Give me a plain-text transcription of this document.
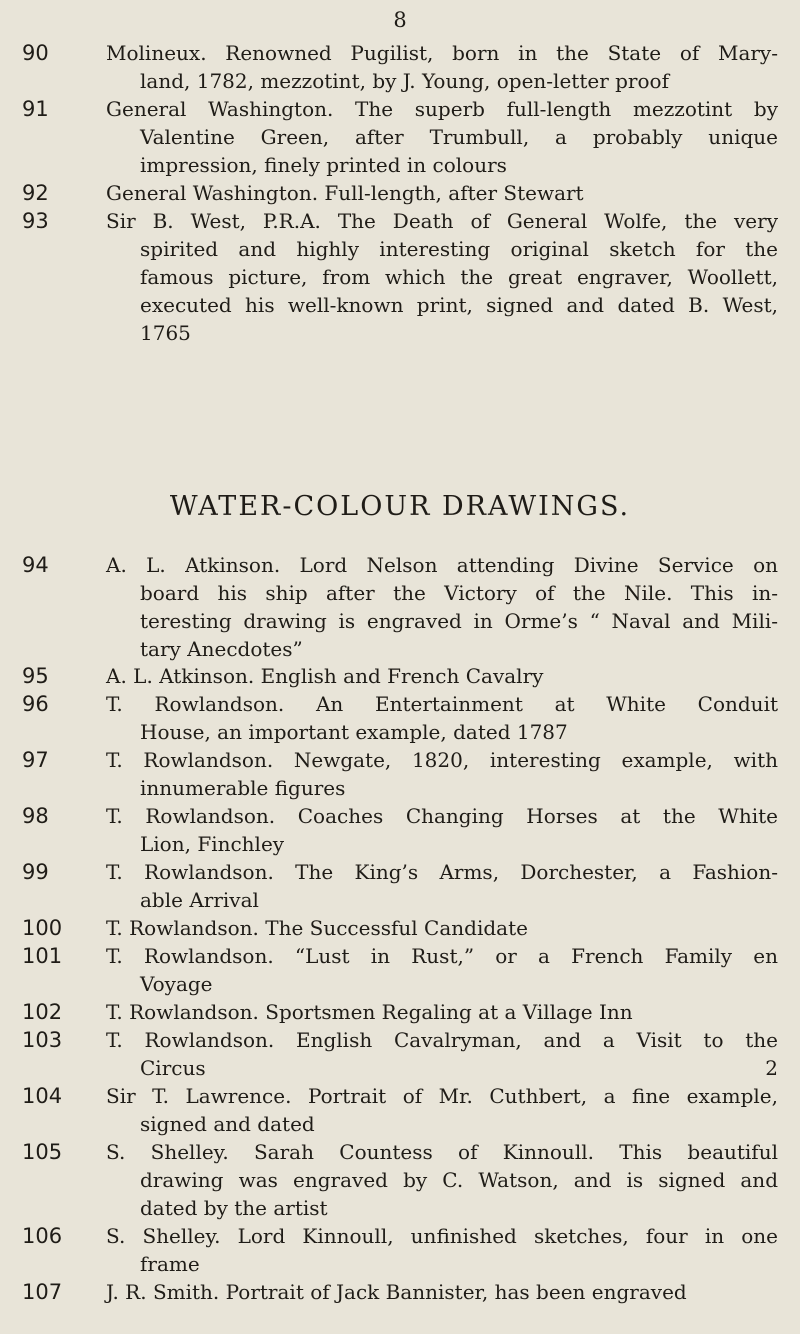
8
WATER-COLOUR DRAWINGS.
90	Molineux. Renowned Pugilist, born in the State of Mary-
land, 1782, mezzotint, by J. Young, open-letter proof
91	General Washington. The superb full-length mezzotint by
Valentine Green, after Trumbull, a probably unique
impression, finely printed in colours
92	General Washington. Full-length, after Stewart
93	Sir B. West, P.R.A. The Death of General Wolfe, the very
spirited and highly interesting original sketch for the
famous picture, from which the great engraver, Woollett,
executed his well-known print, signed and dated B. West,
1765
94	A. L. Atkinson. Lord Nelson attending Divine Service on
board his ship after the Victory of the Nile. This in-
teresting drawing is engraved in Orme’s “ Naval and Mili-
tary Anecdotes”
95	A. L. Atkinson. English and French Cavalry
96	T. Rowlandson. An Entertainment at White Conduit
House, an important example, dated 1787
97	T. Rowlandson. Newgate, 1820, interesting example, with
innumerable figures
98	T. Rowlandson. Coaches Changing Horses at the White
Lion, Finchley
99	T. Rowlandson. The King’s Arms, Dorchester, a Fashion-
able Arrival
100	T. Rowlandson. The Successful Candidate
101	T. Rowlandson. “Lust in Rust,” or a French Family en
Voyage
102	T. Rowlandson. Sportsmen Regaling at a Village Inn
103	T. Rowlandson. English Cavalryman, and a Visit to the
Circus	2
104	Sir T. Lawrence. Portrait of Mr. Cuthbert, a fine example,
signed and dated
105	S. Shelley. Sarah Countess of Kinnoull. This beautiful
drawing was engraved by C. Watson, and is signed and
dated by the artist
106	S. Shelley. Lord Kinnoull, unfinished sketches, four in one
frame
107	J. R. Smith. Portrait of Jack Bannister, has been engraved
